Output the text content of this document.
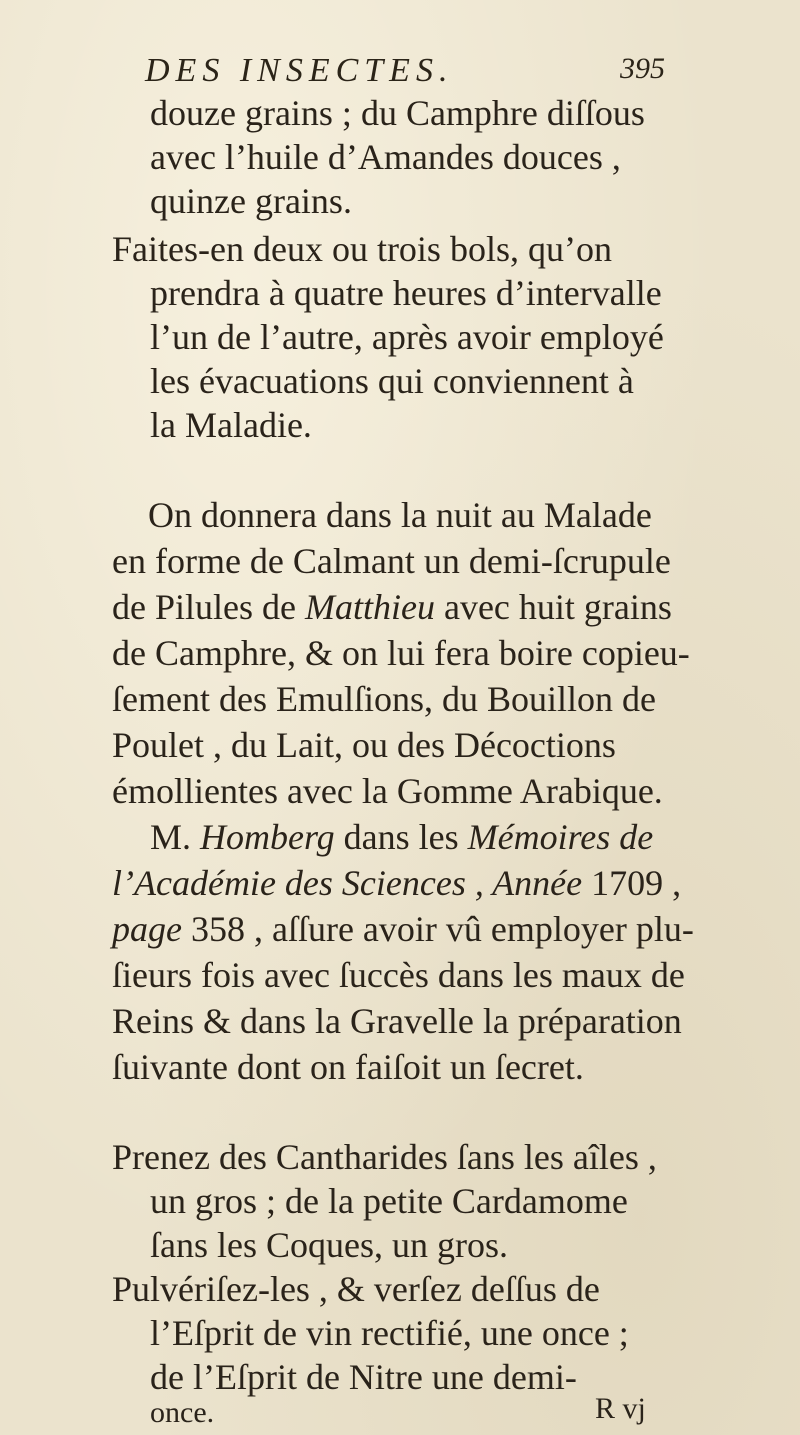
DES INSECTES.	395
douze grains ; du Camphre diſſous
avec l’huile d’Amandes douces ,
quinze grains.
Faites-en deux ou trois bols, qu’on
prendra à quatre heures d’intervalle
l’un de l’autre, après avoir employé
les évacuations qui conviennent à
la Maladie.
On donnera dans la nuit au Malade
en forme de Calmant un demi-ſcrupule
de Pilules de Matthieu avec huit grains
de Camphre, & on lui fera boire copieu-
ſement des Emulſions, du Bouillon de
Poulet , du Lait, ou des Décoctions
émollientes avec la Gomme Arabique.
M. Homberg dans les Mémoires de
l’Académie des Sciences , Année 1709 ,
page 358 , aſſure avoir vû employer plu-
ſieurs fois avec ſuccès dans les maux de
Reins & dans la Gravelle la préparation
ſuivante dont on faiſoit un ſecret.
Prenez des Cantharides ſans les aîles ,
un gros ; de la petite Cardamome
ſans les Coques, un gros.
Pulvériſez-les , & verſez deſſus de
l’Eſprit de vin rectifié, une once ;
de l’Eſprit de Nitre une demi-
once.	R vj
